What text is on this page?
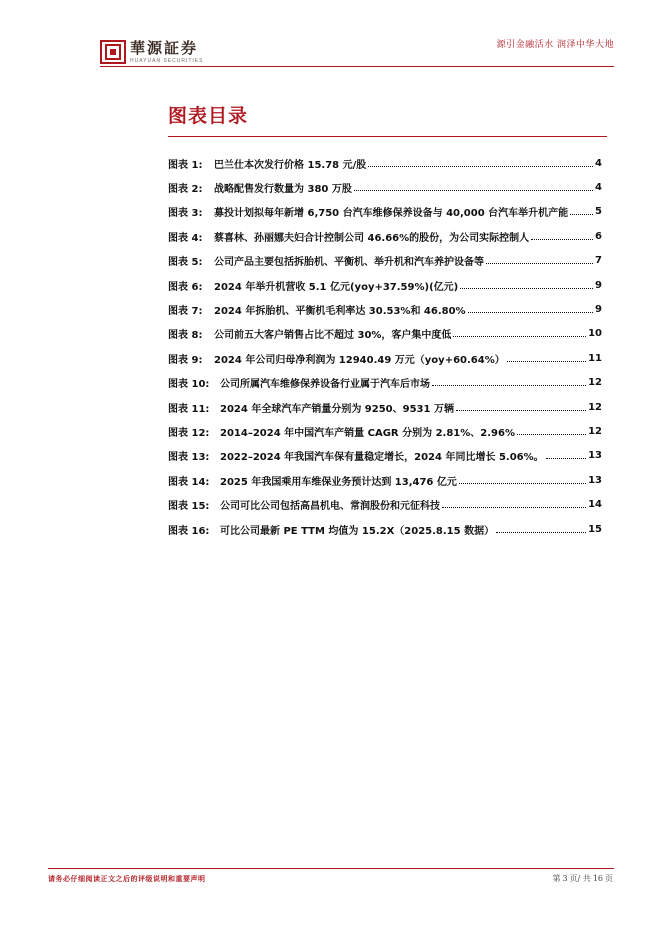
華源証券
HUAYUAN SECURITIES
源引金融活水 润泽中华大地
图表目录
图表 1:	巴兰仕本次发行价格 15.78 元/股	4
图表 2:	战略配售发行数量为 380 万股	4
图表 3:	募投计划拟每年新增 6,750 台汽车维修保养设备与 40,000 台汽车举升机产能	5
图表 4:	蔡喜林、孙丽娜夫妇合计控制公司 46.66%的股份，为公司实际控制人	6
图表 5:	公司产品主要包括拆胎机、平衡机、举升机和汽车养护设备等	7
图表 6:	2024 年举升机营收 5.1 亿元(yoy+37.59%)(亿元)	9
图表 7:	2024 年拆胎机、平衡机毛利率达 30.53%和 46.80%	9
图表 8:	公司前五大客户销售占比不超过 30%，客户集中度低	10
图表 9:	2024 年公司归母净利润为 12940.49 万元（yoy+60.64%）	11
图表 10:	公司所属汽车维修保养设备行业属于汽车后市场	12
图表 11:	2024 年全球汽车产销量分别为 9250、9531 万辆	12
图表 12:	2014–2024 年中国汽车产销量 CAGR 分别为 2.81%、2.96%	12
图表 13:	2022–2024 年我国汽车保有量稳定增长，2024 年同比增长 5.06%。	13
图表 14:	2025 年我国乘用车维保业务预计达到 13,476 亿元	13
图表 15:	公司可比公司包括高昌机电、常润股份和元征科技	14
图表 16:	可比公司最新 PE TTM 均值为 15.2X（2025.8.15 数据）	15
请务必仔细阅读正文之后的评级说明和重要声明	第 3 页/ 共 16 页
